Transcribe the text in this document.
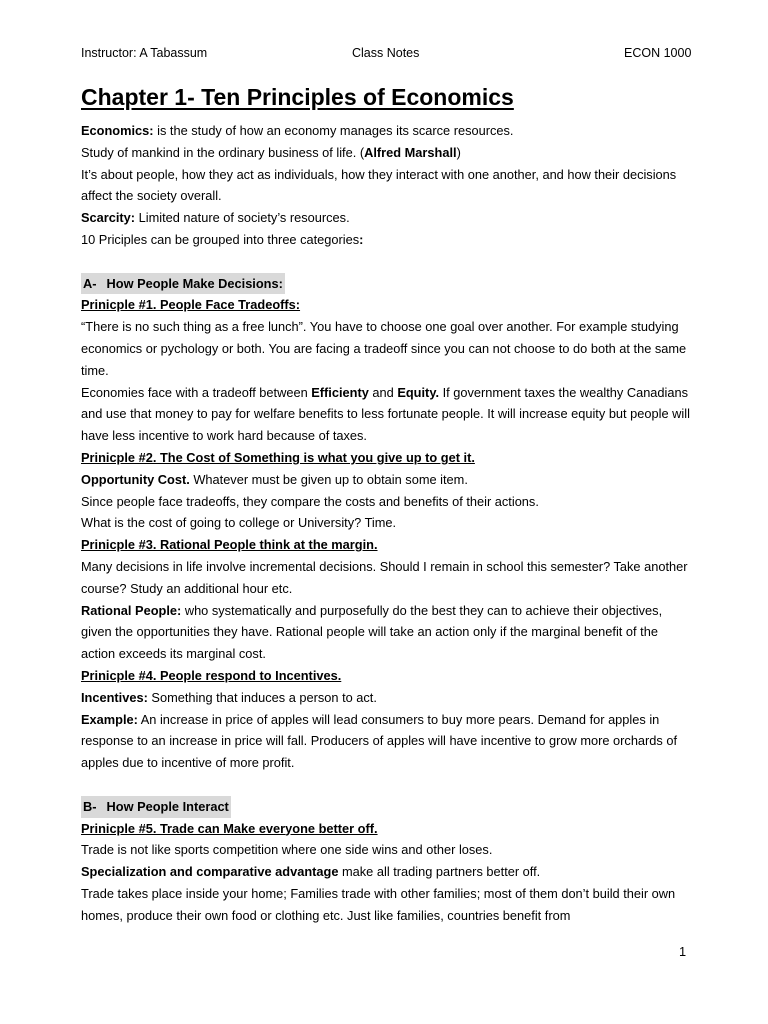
Instructor: A Tabassum	Class Notes	ECON 1000
Chapter 1- Ten Principles of Economics

Economics: is the study of how an economy manages its scarce resources.

Study of mankind in the ordinary business of life. (Alfred Marshall)

It’s about people, how they act as individuals, how they interact with one another, and how their decisions affect the society overall.

Scarcity: Limited nature of society’s resources.

10 Priciples can be grouped into three categories:

A- How People Make Decisions:

Prinicple #1. People Face Tradeoffs:

“There is no such thing as a free lunch”. You have to choose one goal over another. For example studying economics or pychology or both. You are facing a tradeoff since you can not choose to do both at the same time.

Economies face with a tradeoff between Efficienty and Equity. If government taxes the wealthy Canadians and use that money to pay for welfare benefits to less fortunate people. It will increase equity but people will have less incentive to work hard because of taxes.

Prinicple #2. The Cost of Something is what you give up to get it.

Opportunity Cost. Whatever must be given up to obtain some item.

Since people face tradeoffs, they compare the costs and benefits of their actions.

What is the cost of going to college or University? Time.

Prinicple #3. Rational People think at the margin.

Many decisions in life involve incremental decisions. Should I remain in school this semester? Take another course? Study an additional hour etc.

Rational People: who systematically and purposefully do the best they can to achieve their objectives, given the opportunities they have. Rational people will take an action only if the marginal benefit of the action exceeds its marginal cost.

Prinicple #4. People respond to Incentives.

Incentives: Something that induces a person to act.

Example: An increase in price of apples will lead consumers to buy more pears. Demand for apples in response to an increase in price will fall. Producers of apples will have incentive to grow more orchards of apples due to incentive of more profit.

B- How People Interact

Prinicple #5. Trade can Make everyone better off.

Trade is not like sports competition where one side wins and other loses.

Specialization and comparative advantage make all trading partners better off.

Trade takes place inside your home; Families trade with other families; most of them don’t build their own homes, produce their own food or clothing etc. Just like families, countries benefit from

1
